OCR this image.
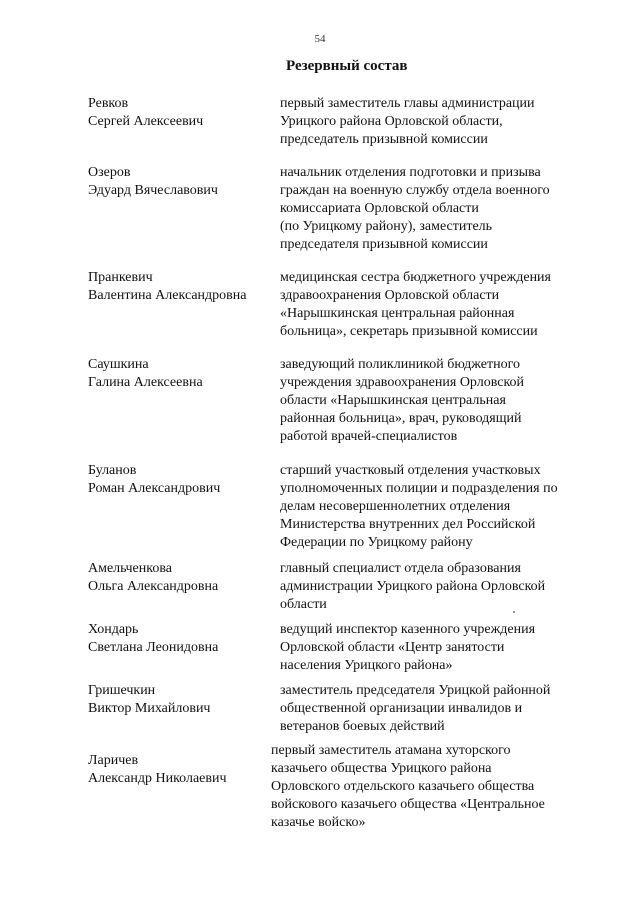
54
Резервный состав
Ревков
Сергей Алексеевич
первый заместитель главы администрации
Урицкого района Орловской области,
председатель призывной комиссии
Озеров
Эдуард Вячеславович
начальник отделения подготовки и призыва
граждан на военную службу отдела военного
комиссариата Орловской области
(по Урицкому району), заместитель
председателя призывной комиссии
Пранкевич
Валентина Александровна
медицинская сестра бюджетного учреждения
здравоохранения Орловской области
«Нарышкинская центральная районная
больница», секретарь призывной комиссии
Саушкина
Галина Алексеевна
заведующий поликлиникой бюджетного
учреждения здравоохранения Орловской
области «Нарышкинская центральная
районная больница», врач, руководящий
работой врачей-специалистов
Буланов
Роман Александрович
старший участковый отделения участковых
уполномоченных полиции и подразделения по
делам несовершеннолетних отделения
Министерства внутренних дел Российской
Федерации по Урицкому району
Амельченкова
Ольга Александровна
главный специалист отдела образования
администрации Урицкого района Орловской
области
Хондарь
Светлана Леонидовна
ведущий инспектор казенного учреждения
Орловской области «Центр занятости
населения Урицкого района»
Гришечкин
Виктор Михайлович
заместитель председателя Урицкой районной
общественной организации инвалидов и
ветеранов боевых действий
Ларичев
Александр Николаевич
первый заместитель атамана хуторского
казачьего общества Урицкого района
Орловского отдельского казачьего общества
войскового казачьего общества «Центральное
казачье войско»
